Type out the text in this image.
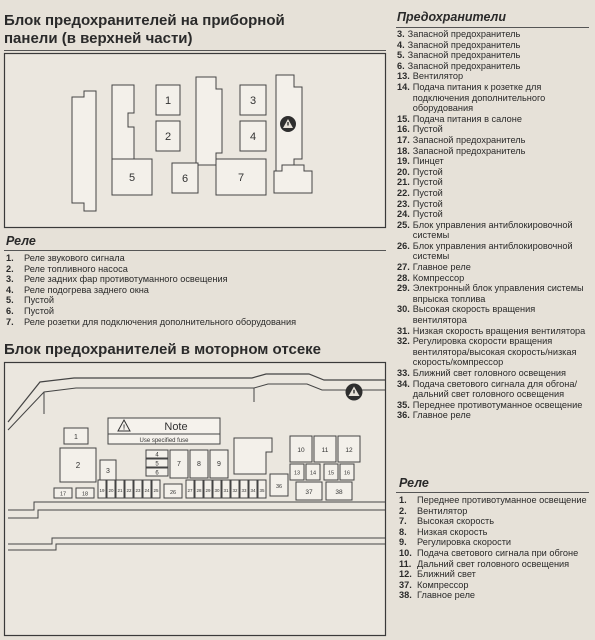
Блок предохранителей на приборной
панели (в верхней части)
1
2
3
4
5	6	7
Реле
1.	Реле звукового сигнала
2.	Реле топливного насоса
3.	Реле задних фар противотуманного освещения
4.	Реле подогрева заднего окна
5.	Пустой
6.	Пустой
7.	Реле розетки для подключения дополнительного оборудования
Предохранители
3. Запасной предохранитель
4. Запасной предохранитель
5. Запасной предохранитель
6. Запасной предохранитель
13. Вентилятор
14. Подача питания к розетке для подключения дополнительного оборудования
15. Подача питания в салоне
16. Пустой
17. Запасной предохранитель
18. Запасной предохранитель
19. Пинцет
20. Пустой
21. Пустой
22. Пустой
23. Пустой
24. Пустой
25. Блок управления антиблокировочной системы
26. Блок управления антиблокировочной системы
27. Главное реле
28. Компрессор
29. Электронный блок управления системы впрыска топлива
30. Высокая скорость вращения вентилятора
31. Низкая скорость вращения вентилятора
32. Регулировка скорости вращения вентилятора/высокая скорость/низкая скорость/компрессор
33. Ближний свет головного освещения
34. Подача светового сигнала для обгона/дальний свет головного освещения
35. Переднее противотуманное освещение
36. Главное реле
Блок предохранителей в моторном отсеке
!	Note
Use specified fuse
1
2
3
4
5
6
7 8 9
10	11	12
13 14 15 16
17	18
19 20 21 22 23 24 25 26	27 28 29 30 31 32 33 34 35
36
37	38
Реле
1.	Переднее противотуманное освещение
2.	Вентилятор
7.	Высокая скорость
8.	Низкая скорость
9.	Регулировка скорости
10. Подача светового сигнала при обгоне
11. Дальний свет головного освещения
12. Ближний свет
37. Компрессор
38. Главное реле
